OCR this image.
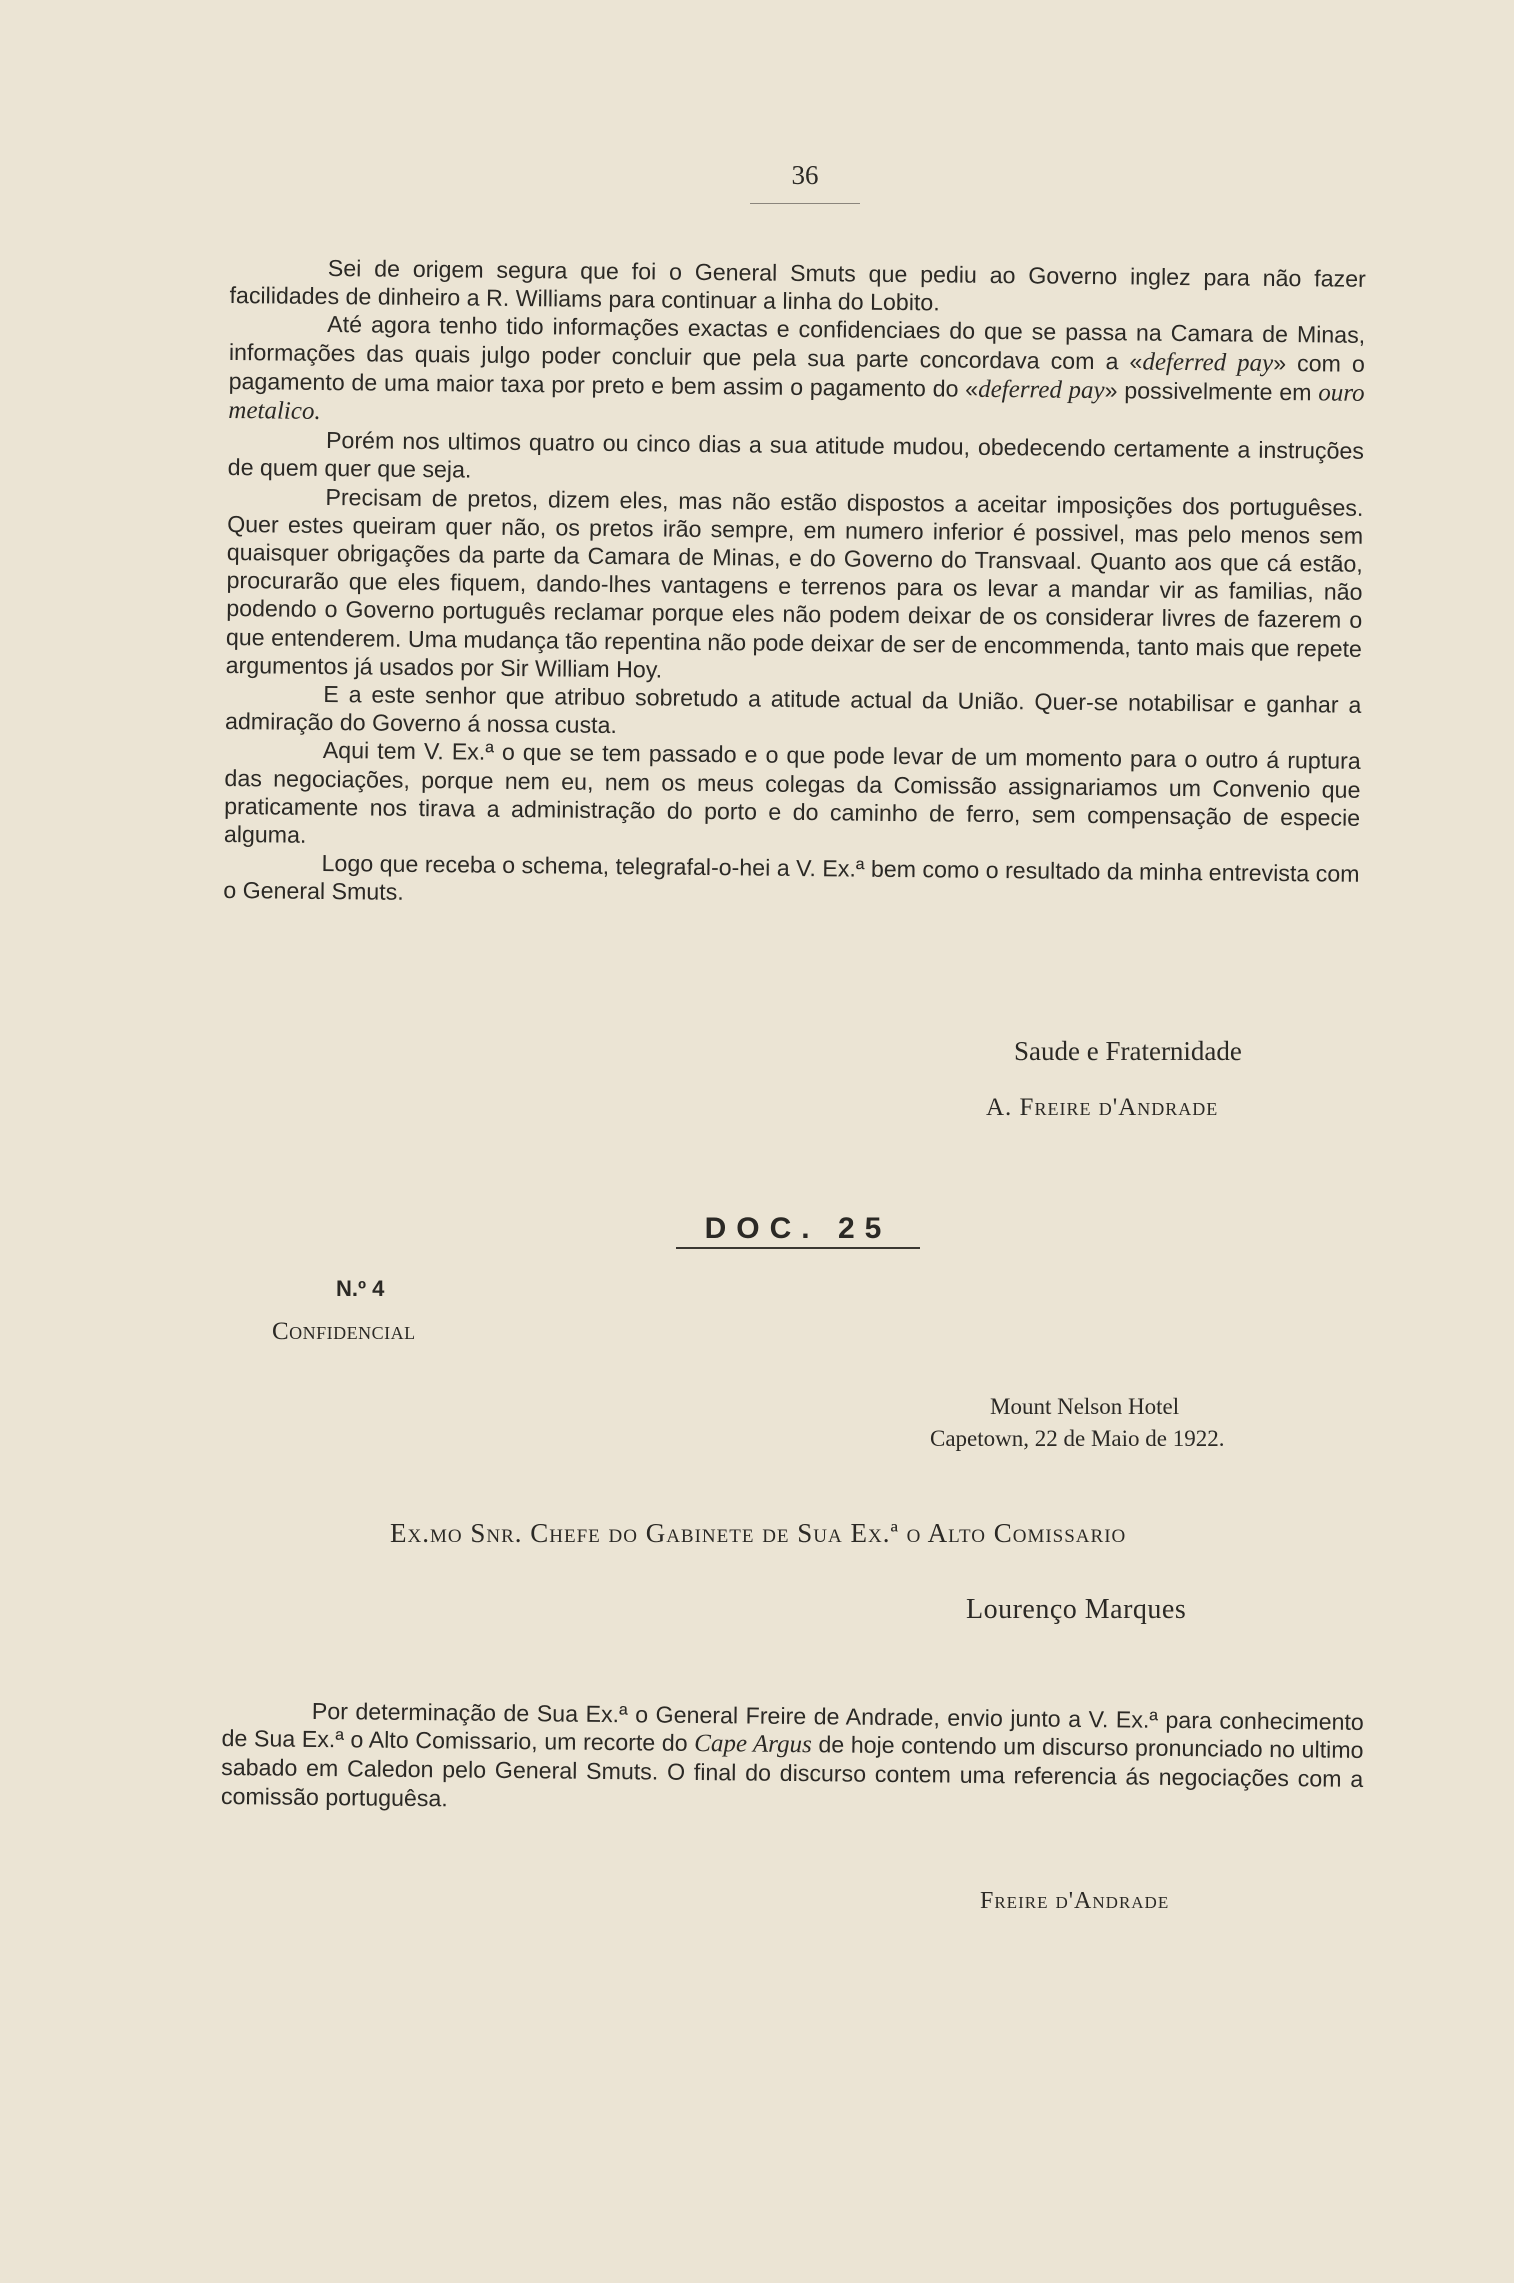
36

Sei de origem segura que foi o General Smuts que pediu ao Governo inglez para não fazer facilidades de dinheiro a R. Williams para continuar a linha do Lobito.

Até agora tenho tido informações exactas e confidenciaes do que se passa na Camara de Minas, informações das quais julgo poder concluir que pela sua parte concordava com a «deferred pay» com o pagamento de uma maior taxa por preto e bem assim o pagamento do «deferred pay» possivelmente em ouro metalico.

Porém nos ultimos quatro ou cinco dias a sua atitude mudou, obedecendo certamente a instruções de quem quer que seja.

Precisam de pretos, dizem eles, mas não estão dispostos a aceitar imposições dos portuguêses. Quer estes queiram quer não, os pretos irão sempre, em numero inferior é possivel, mas pelo menos sem quaisquer obrigações da parte da Camara de Minas, e do Governo do Transvaal. Quanto aos que cá estão, procurarão que eles fiquem, dando-lhes vantagens e terrenos para os levar a mandar vir as familias, não podendo o Governo português reclamar porque eles não podem deixar de os considerar livres de fazerem o que entenderem. Uma mudança tão repentina não pode deixar de ser de encommenda, tanto mais que repete argumentos já usados por Sir William Hoy.

E a este senhor que atribuo sobretudo a atitude actual da União. Quer-se notabilisar e ganhar a admiração do Governo á nossa custa.

Aqui tem V. Ex.ª o que se tem passado e o que pode levar de um momento para o outro á ruptura das negociações, porque nem eu, nem os meus colegas da Comissão assignariamos um Convenio que praticamente nos tirava a administração do porto e do caminho de ferro, sem compensação de especie alguma.

Logo que receba o schema, telegrafal-o-hei a V. Ex.ª bem como o resultado da minha entrevista com o General Smuts.

Saude e Fraternidade
A. Freire d'Andrade
DOC. 25
N.º 4
Confidencial
Mount Nelson Hotel
Capetown, 22 de Maio de 1922.
Ex.mo Snr. Chefe do Gabinete de Sua Ex.ª o Alto Comissario
Lourenço Marques

Por determinação de Sua Ex.ª o General Freire de Andrade, envio junto a V. Ex.ª para conhecimento de Sua Ex.ª o Alto Comissario, um recorte do Cape Argus de hoje contendo um discurso pronunciado no ultimo sabado em Caledon pelo General Smuts. O final do discurso contem uma referencia ás negociações com a comissão portuguêsa.

Freire d'Andrade
